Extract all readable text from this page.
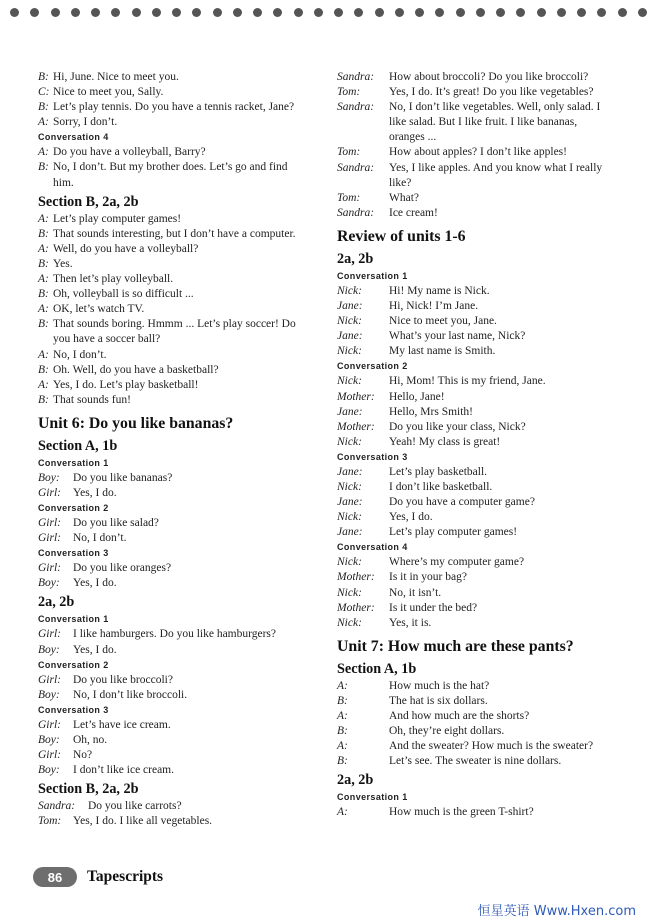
B: Hi, June. Nice to meet you.
C: Nice to meet you, Sally.
B: Let’s play tennis. Do you have a tennis racket, Jane?
A: Sorry, I don’t.
Conversation 4
A: Do you have a volleyball, Barry?
B: No, I don’t. But my brother does. Let’s go and find him.
Section B, 2a, 2b
A: Let’s play computer games!
B: That sounds interesting, but I don’t have a computer.
A: Well, do you have a volleyball?
B: Yes.
A: Then let’s play volleyball.
B: Oh, volleyball is so difficult ...
A: OK, let’s watch TV.
B: That sounds boring. Hmmm ... Let’s play soccer! Do you have a soccer ball?
A: No, I don’t.
B: Oh. Well, do you have a basketball?
A: Yes, I do. Let’s play basketball!
B: That sounds fun!
Unit 6: Do you like bananas?
Section A, 1b
Conversation 1
Boy:	Do you like bananas?
Girl:	Yes, I do.
Conversation 2
Girl:	Do you like salad?
Girl:	No, I don’t.
Conversation 3
Girl:	Do you like oranges?
Boy:	Yes, I do.
2a, 2b
Conversation 1
Girl:	I like hamburgers. Do you like hamburgers?
Boy:	Yes, I do.
Conversation 2
Girl:	Do you like broccoli?
Boy:	No, I don’t like broccoli.
Conversation 3
Girl:	Let’s have ice cream.
Boy:	Oh, no.
Girl:	No?
Boy:	I don’t like ice cream.
Section B, 2a, 2b
Sandra:	Do you like carrots?
Tom:	Yes, I do. I like all vegetables.
Sandra:	How about broccoli? Do you like broccoli?
Tom:	Yes, I do. It’s great! Do you like vegetables?
Sandra:	No, I don’t like vegetables. Well, only salad. I like salad. But I like fruit. I like bananas, oranges ...
Tom:	How about apples? I don’t like apples!
Sandra:	Yes, I like apples. And you know what I really like?
Tom:	What?
Sandra:	Ice cream!
Review of units 1-6
2a, 2b
Conversation 1
Nick:	Hi! My name is Nick.
Jane:	Hi, Nick! I’m Jane.
Nick:	Nice to meet you, Jane.
Jane:	What’s your last name, Nick?
Nick:	My last name is Smith.
Conversation 2
Nick:	Hi, Mom! This is my friend, Jane.
Mother:	Hello, Jane!
Jane:	Hello, Mrs Smith!
Mother:	Do you like your class, Nick?
Nick:	Yeah! My class is great!
Conversation 3
Jane:	Let’s play basketball.
Nick:	I don’t like basketball.
Jane:	Do you have a computer game?
Nick:	Yes, I do.
Jane:	Let’s play computer games!
Conversation 4
Nick:	Where’s my computer game?
Mother:	Is it in your bag?
Nick:	No, it isn’t.
Mother:	Is it under the bed?
Nick:	Yes, it is.
Unit 7: How much are these pants?
Section A, 1b
A:	How much is the hat?
B:	The hat is six dollars.
A:	And how much are the shorts?
B:	Oh, they’re eight dollars.
A:	And the sweater? How much is the sweater?
B:	Let’s see. The sweater is nine dollars.
2a, 2b
Conversation 1
A:	How much is the green T-shirt?
86	Tapescripts
恒星英语 Www.Hxen.com
